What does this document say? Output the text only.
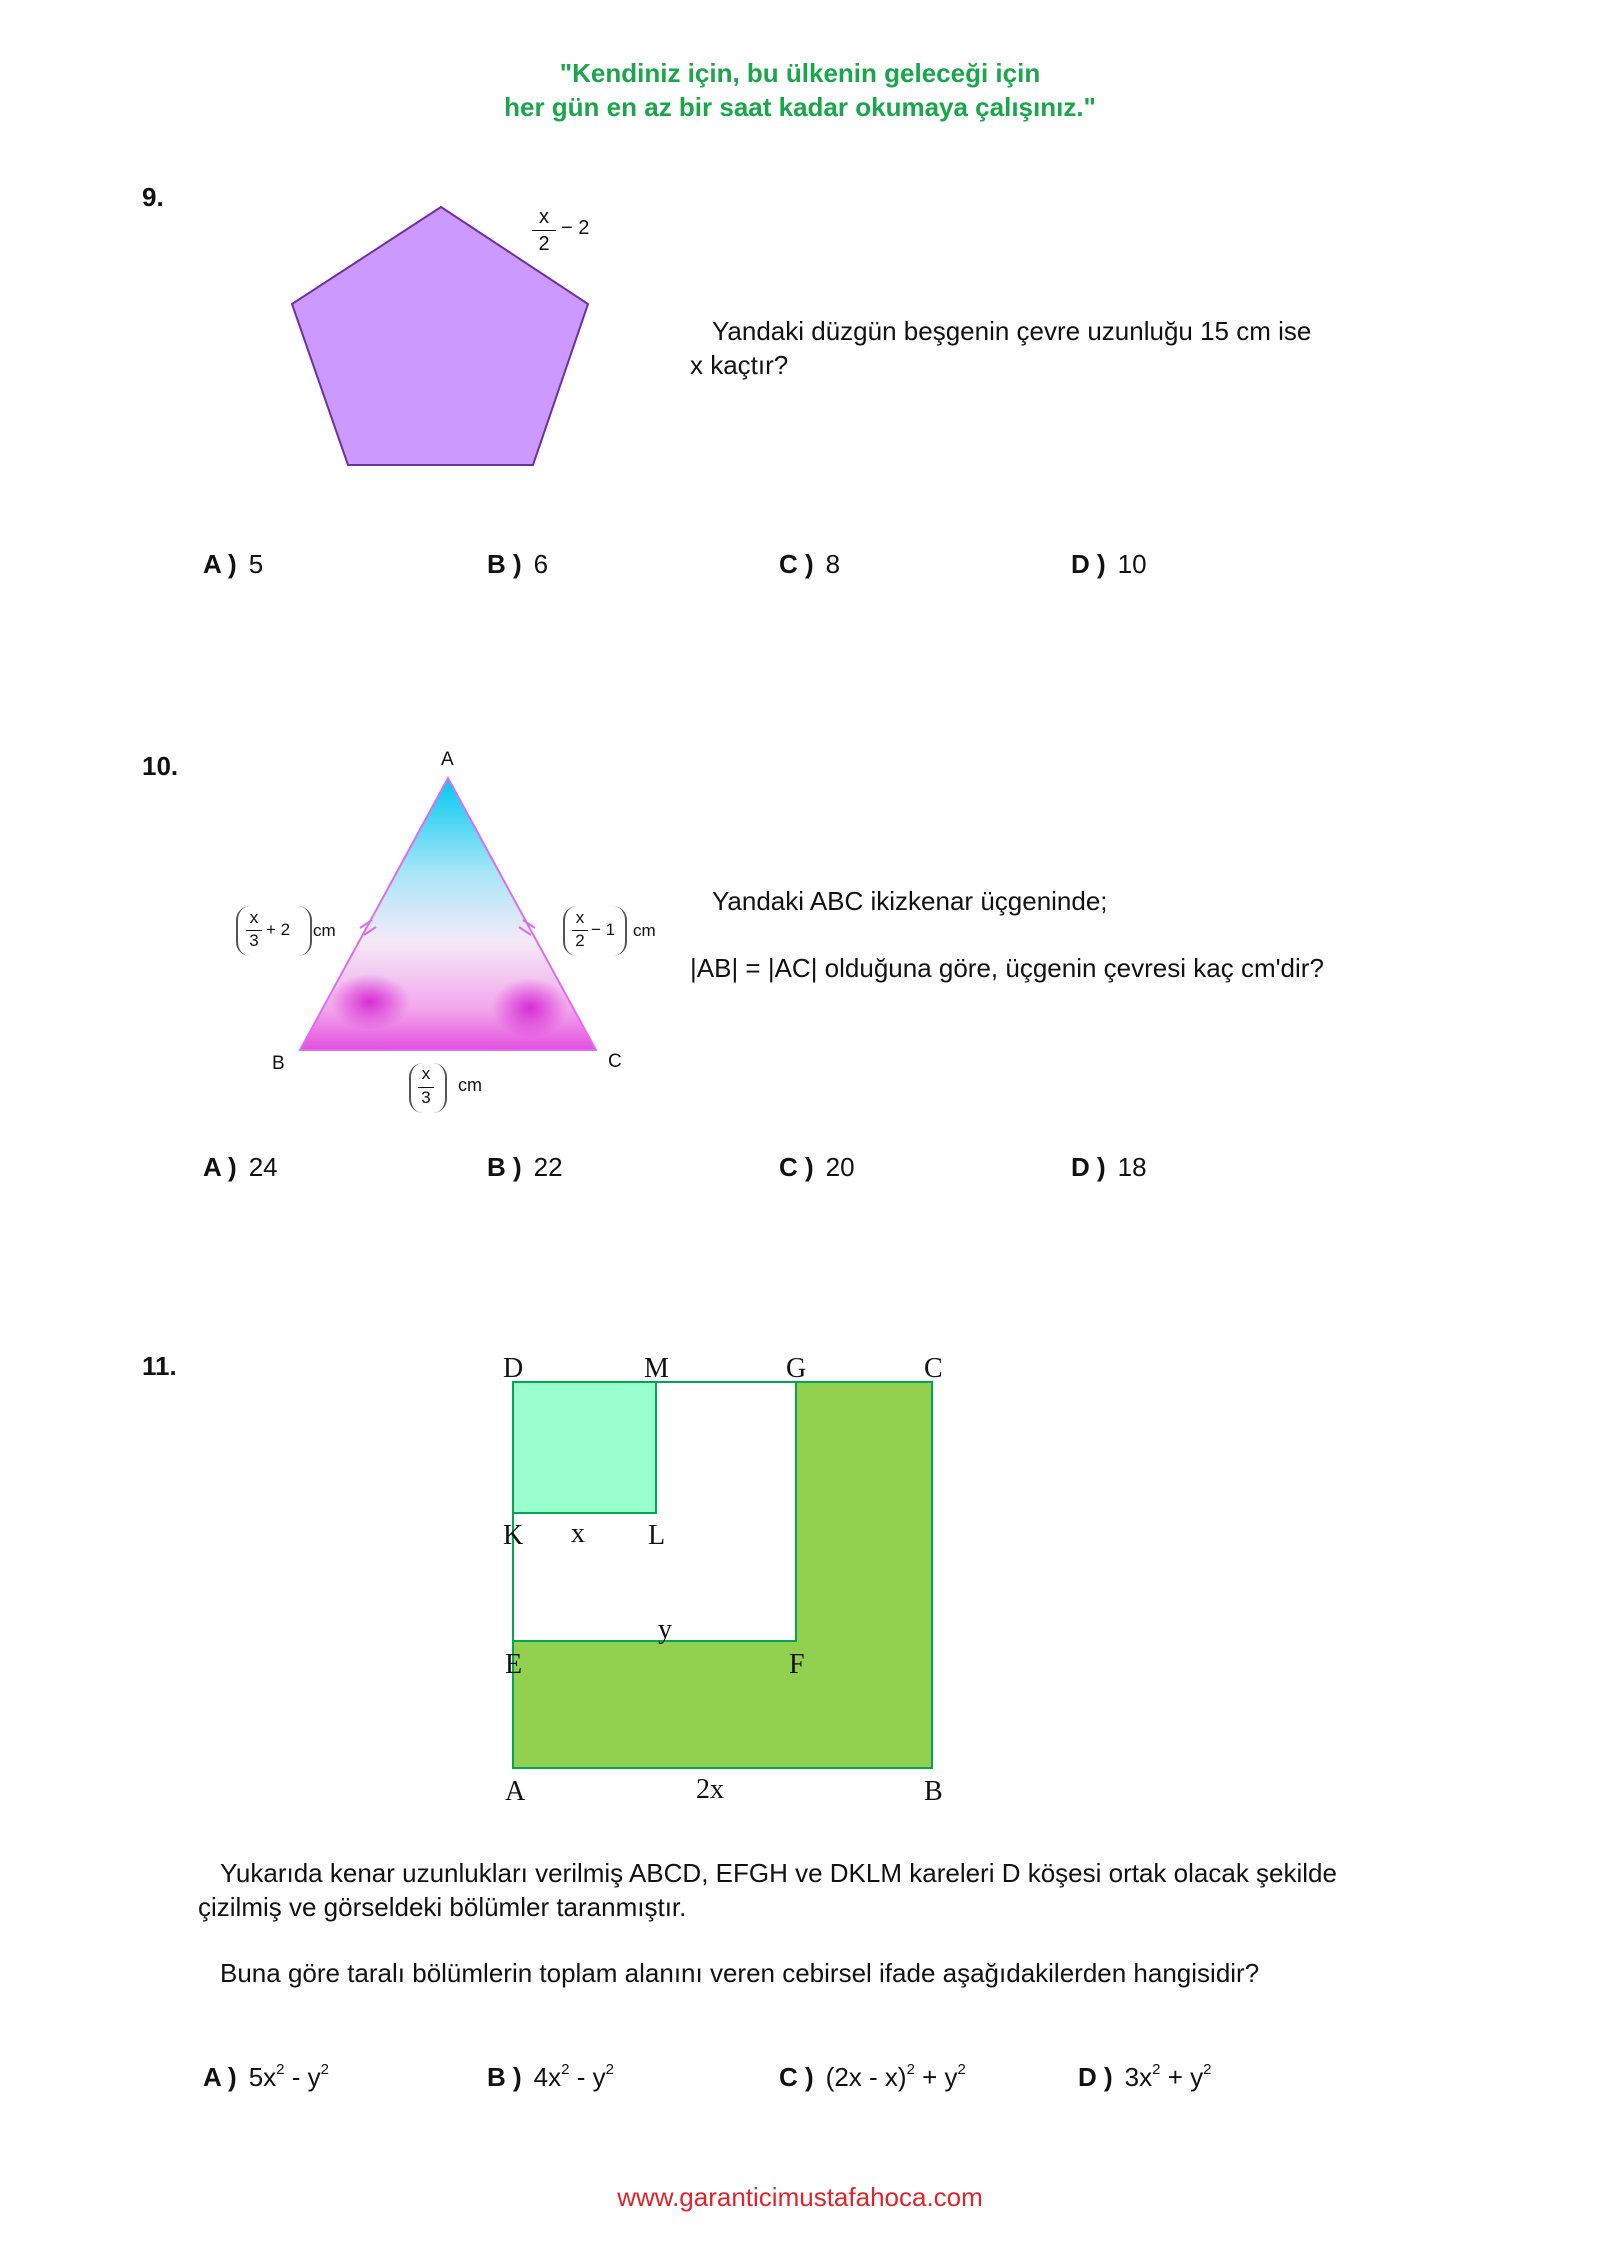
"Kendiniz için, bu ülkenin geleceği için
her gün en az bir saat kadar okumaya çalışınız."
9.
x
2
− 2
Yandaki düzgün beşgenin çevre uzunluğu 15 cm ise
x kaçtır?
A ) 5	B ) 6	C ) 8	D ) 10
10.	A
B	C
x
3
+ 2 cm
x
2
− 1 cm
x
3
cm
Yandaki ABC ikizkenar üçgeninde;
|AB| = |AC| olduğuna göre, üçgenin çevresi kaç cm'dir?
A ) 24	B ) 22	C ) 20	D ) 18
11.	D	M	G	C
K x L
y
E	F
A	2x	B
Yukarıda kenar uzunlukları verilmiş ABCD, EFGH ve DKLM kareleri D köşesi ortak olacak şekilde
çizilmiş ve görseldeki bölümler taranmıştır.
Buna göre taralı bölümlerin toplam alanını veren cebirsel ifade aşağıdakilerden hangisidir?
A ) $5x^2 - y^2$	B ) $4x^2 - y^2$	C ) $(2x - x)^2 + y^2$	D ) $3x^2 + y^2$
www.garanticimustafahoca.com
